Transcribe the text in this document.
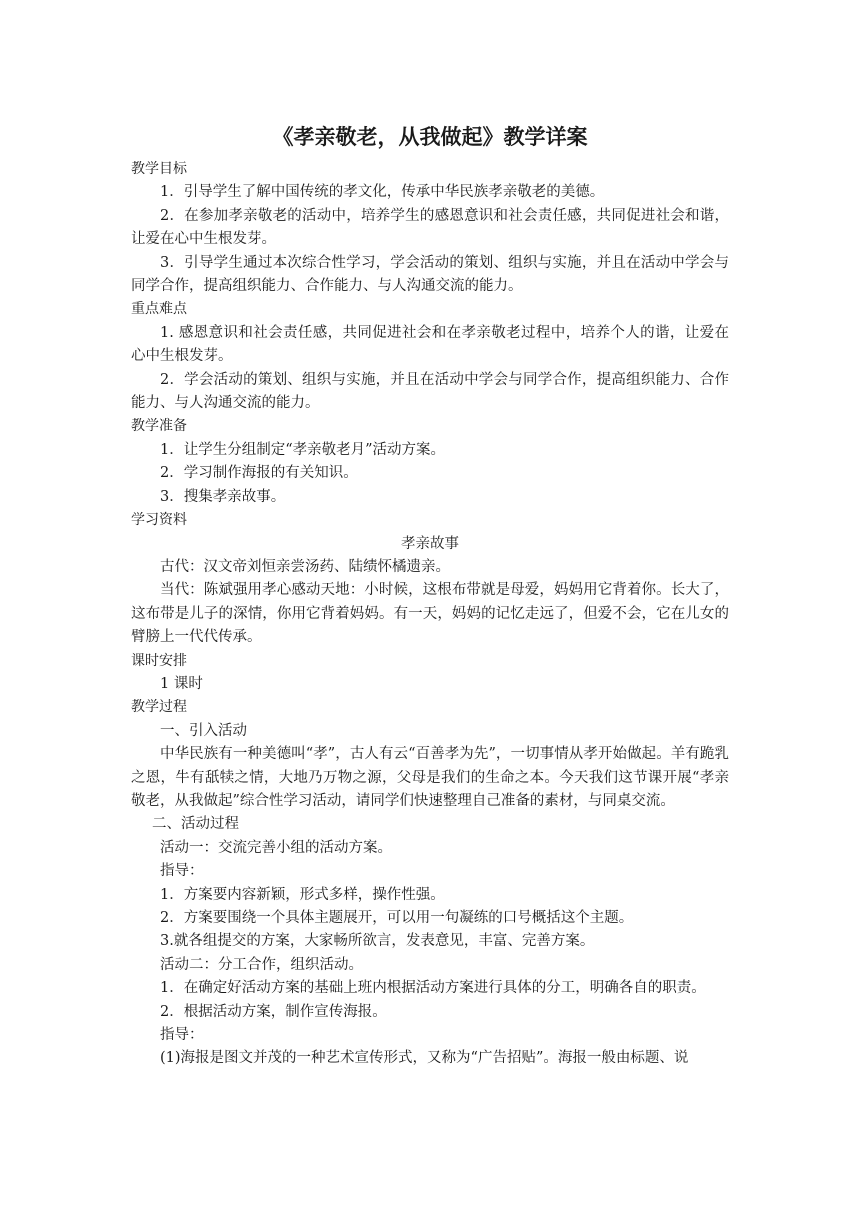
《孝亲敬老，从我做起》教学详案

教学目标

1．引导学生了解中国传统的孝文化，传承中华民族孝亲敬老的美德。

2．在参加孝亲敬老的活动中，培养学生的感恩意识和社会责任感，共同促进社会和谐，让爱在心中生根发芽。

3．引导学生通过本次综合性学习，学会活动的策划、组织与实施，并且在活动中学会与同学合作，提高组织能力、合作能力、与人沟通交流的能力。

重点难点

1. 感恩意识和社会责任感，共同促进社会和在孝亲敬老过程中，培养个人的谐，让爱在心中生根发芽。

2．学会活动的策划、组织与实施，并且在活动中学会与同学合作，提高组织能力、合作能力、与人沟通交流的能力。

教学准备

1．让学生分组制定“孝亲敬老月”活动方案。

2．学习制作海报的有关知识。

3．搜集孝亲故事。

学习资料

孝亲故事

古代：汉文帝刘恒亲尝汤药、陆绩怀橘遗亲。

当代：陈斌强用孝心感动天地：小时候，这根布带就是母爱，妈妈用它背着你。长大了，这布带是儿子的深情，你用它背着妈妈。有一天，妈妈的记忆走远了，但爱不会，它在儿女的臂膀上一代代传承。

课时安排

1 课时

教学过程

一、引入活动

中华民族有一种美德叫“孝”，古人有云“百善孝为先”，一切事情从孝开始做起。羊有跪乳之恩，牛有舐犊之情，大地乃万物之源，父母是我们的生命之本。今天我们这节课开展“孝亲敬老，从我做起”综合性学习活动，请同学们快速整理自己准备的素材，与同桌交流。

二、活动过程

活动一：交流完善小组的活动方案。

指导：

1．方案要内容新颖，形式多样，操作性强。

2．方案要围绕一个具体主题展开，可以用一句凝练的口号概括这个主题。

3.就各组提交的方案，大家畅所欲言，发表意见，丰富、完善方案。

活动二：分工合作，组织活动。

1．在确定好活动方案的基础上班内根据活动方案进行具体的分工，明确各自的职责。

2．根据活动方案，制作宣传海报。

指导：

(1)海报是图文并茂的一种艺术宣传形式，又称为“广告招贴”。海报一般由标题、说
